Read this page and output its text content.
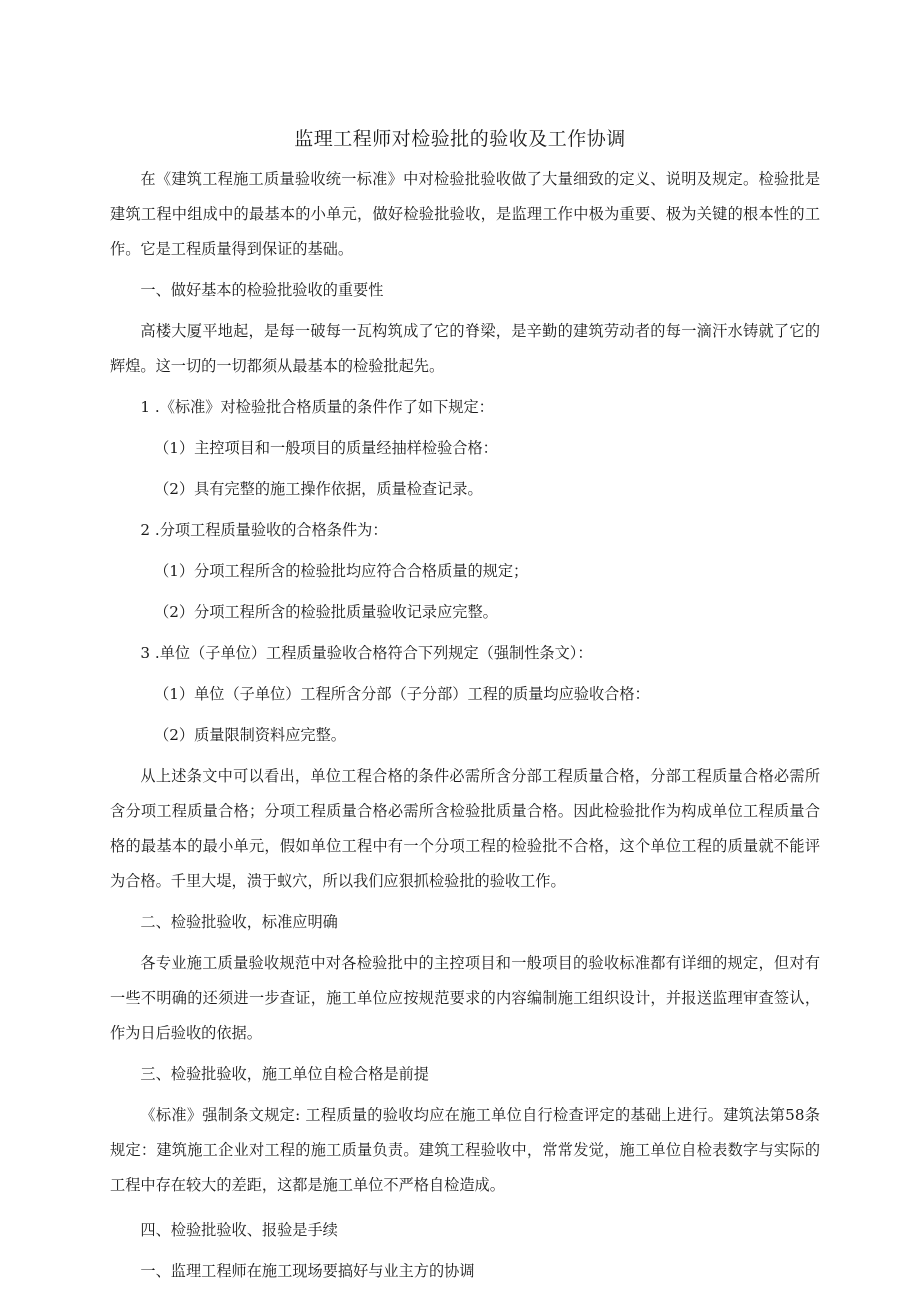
监理工程师对检验批的验收及工作协调

在《建筑工程施工质量验收统一标准》中对检验批验收做了大量细致的定义、说明及规定。检验批是建筑工程中组成中的最基本的小单元，做好检验批验收，是监理工作中极为重要、极为关键的根本性的工作。它是工程质量得到保证的基础。

一、做好基本的检验批验收的重要性

高楼大厦平地起，是每一破每一瓦构筑成了它的脊梁，是辛勤的建筑劳动者的每一滴汗水铸就了它的辉煌。这一切的一切都须从最基本的检验批起先。

1 .《标准》对检验批合格质量的条件作了如下规定：

（1）主控项目和一般项目的质量经抽样检验合格：

（2）具有完整的施工操作依据，质量检查记录。

2 .分项工程质量验收的合格条件为：

（1）分项工程所含的检验批均应符合合格质量的规定；

（2）分项工程所含的检验批质量验收记录应完整。

3 .单位（子单位）工程质量验收合格符合下列规定（强制性条文）：

（1）单位（子单位）工程所含分部（子分部）工程的质量均应验收合格：

（2）质量限制资料应完整。

从上述条文中可以看出，单位工程合格的条件必需所含分部工程质量合格，分部工程质量合格必需所含分项工程质量合格；分项工程质量合格必需所含检验批质量合格。因此检验批作为构成单位工程质量合格的最基本的最小单元，假如单位工程中有一个分项工程的检验批不合格，这个单位工程的质量就不能评为合格。千里大堤，溃于蚁穴，所以我们应狠抓检验批的验收工作。

二、检验批验收，标准应明确

各专业施工质量验收规范中对各检验批中的主控项目和一般项目的验收标准都有详细的规定，但对有一些不明确的还须进一步查证，施工单位应按规范要求的内容编制施工组织设计，并报送监理审查签认，作为日后验收的依据。

三、检验批验收，施工单位自检合格是前提

《标准》强制条文规定: 工程质量的验收均应在施工单位自行检查评定的基础上进行。建筑法第58条规定：建筑施工企业对工程的施工质量负责。建筑工程验收中，常常发觉，施工单位自检表数字与实际的工程中存在较大的差距，这都是施工单位不严格自检造成。

四、检验批验收、报验是手续

一、监理工程师在施工现场要搞好与业主方的协调
